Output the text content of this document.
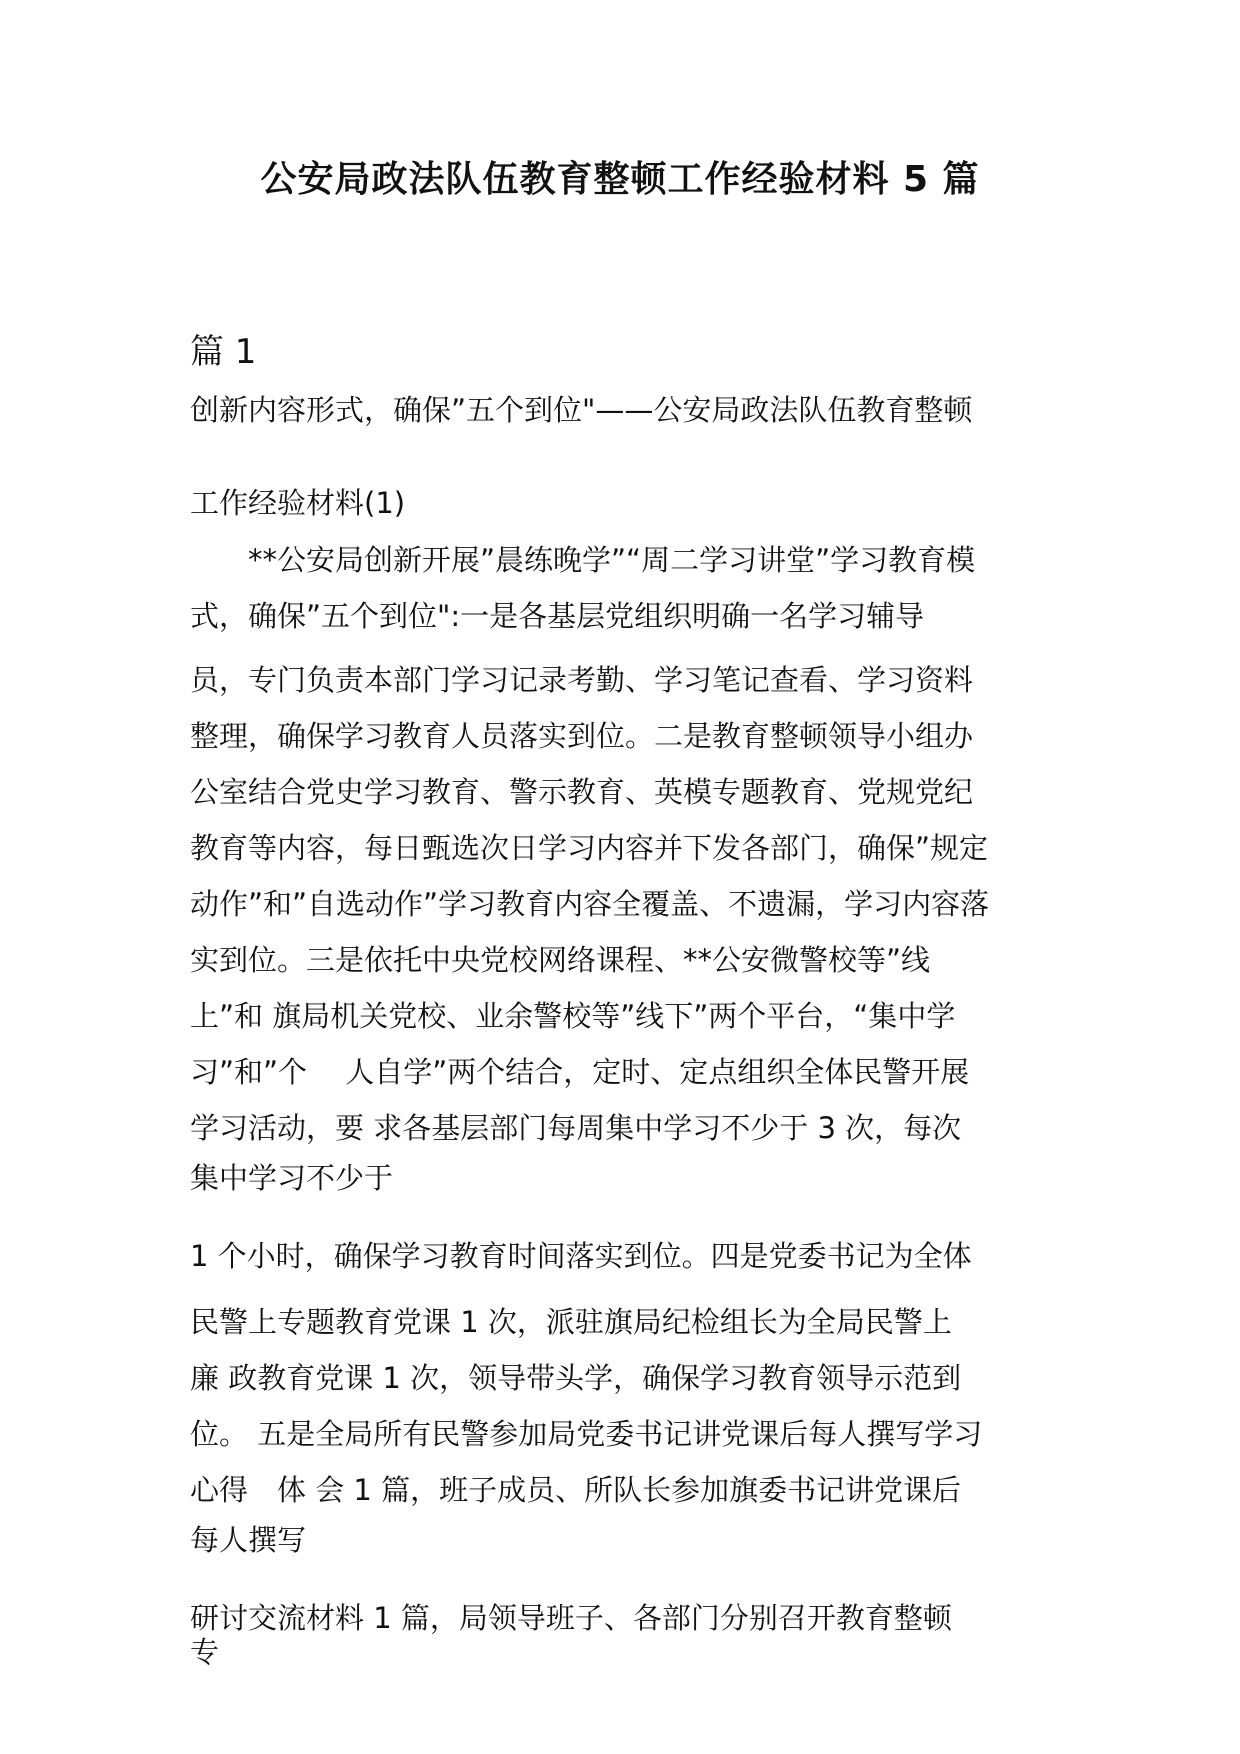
公安局政法队伍教育整顿工作经验材料 5 篇
篇 1
创新内容形式，确保”五个到位"——公安局政法队伍教育整顿
工作经验材料(1)
　　**公安局创新开展”晨练晚学”“周二学习讲堂”学习教育模
式，确保”五个到位":一是各基层党组织明确一名学习辅导
员，专门负责本部门学习记录考勤、学习笔记查看、学习资料
整理，确保学习教育人员落实到位。二是教育整顿领导小组办
公室结合党史学习教育、警示教育、英模专题教育、党规党纪
教育等内容，每日甄选次日学习内容并下发各部门，确保”规定
动作”和”自选动作”学习教育内容全覆盖、不遗漏，学习内容落
实到位。三是依托中央党校网络课程、**公安微警校等”线
上”和 旗局机关党校、业余警校等”线下”两个平台，“集中学
习”和”个　 人自学”两个结合，定时、定点组织全体民警开展
学习活动，要 求各基层部门每周集中学习不少于 3 次，每次
集中学习不少于
1 个小时，确保学习教育时间落实到位。四是党委书记为全体
民警上专题教育党课 1 次，派驻旗局纪检组长为全局民警上
廉 政教育党课 1 次，领导带头学，确保学习教育领导示范到
位。 五是全局所有民警参加局党委书记讲党课后每人撰写学习
心得　体 会 1 篇，班子成员、所队长参加旗委书记讲党课后
每人撰写
研讨交流材料 1 篇，局领导班子、各部门分别召开教育整顿
专
